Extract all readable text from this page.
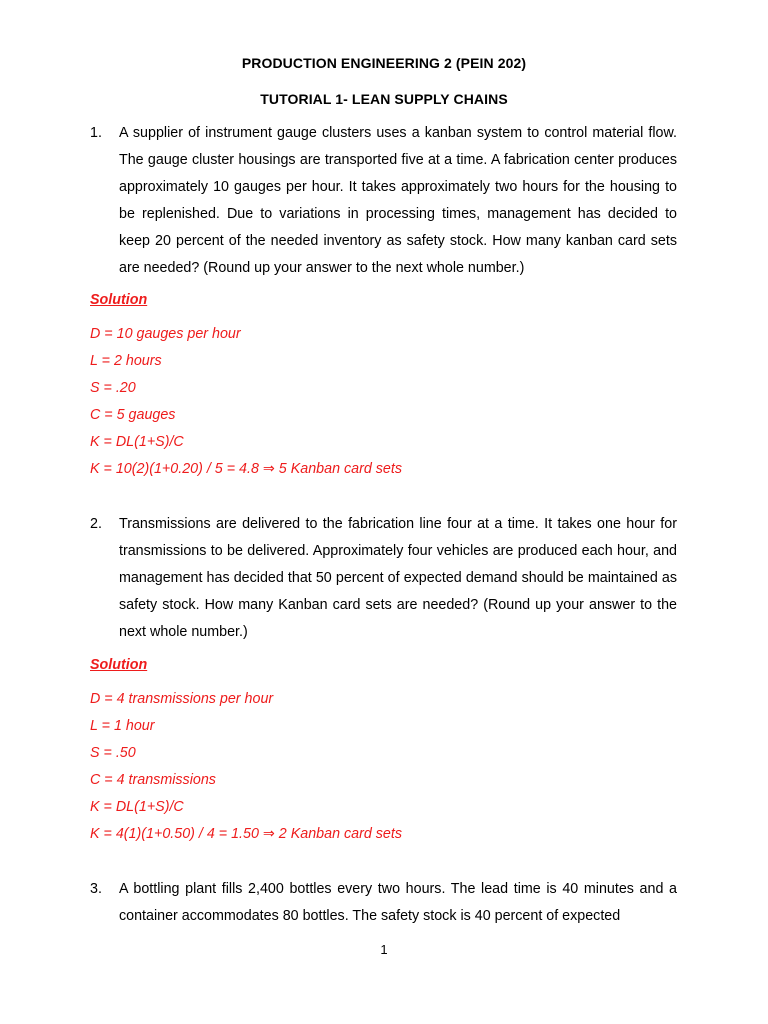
PRODUCTION ENGINEERING 2 (PEIN 202)
TUTORIAL 1- LEAN SUPPLY CHAINS
1. A supplier of instrument gauge clusters uses a kanban system to control material flow. The gauge cluster housings are transported five at a time. A fabrication center produces approximately 10 gauges per hour. It takes approximately two hours for the housing to be replenished. Due to variations in processing times, management has decided to keep 20 percent of the needed inventory as safety stock. How many kanban card sets are needed? (Round up your answer to the next whole number.)
Solution
D = 10 gauges per hour
L = 2 hours
S = .20
C = 5 gauges
K = DL(1+S)/C
K = 10(2)(1+0.20) / 5 = 4.8 ⇒ 5 Kanban card sets
2. Transmissions are delivered to the fabrication line four at a time. It takes one hour for transmissions to be delivered. Approximately four vehicles are produced each hour, and management has decided that 50 percent of expected demand should be maintained as safety stock. How many Kanban card sets are needed? (Round up your answer to the next whole number.)
Solution
D = 4 transmissions per hour
L = 1 hour
S = .50
C = 4 transmissions
K = DL(1+S)/C
K = 4(1)(1+0.50) / 4 = 1.50 ⇒ 2 Kanban card sets
3. A bottling plant fills 2,400 bottles every two hours. The lead time is 40 minutes and a container accommodates 80 bottles. The safety stock is 40 percent of expected
1
